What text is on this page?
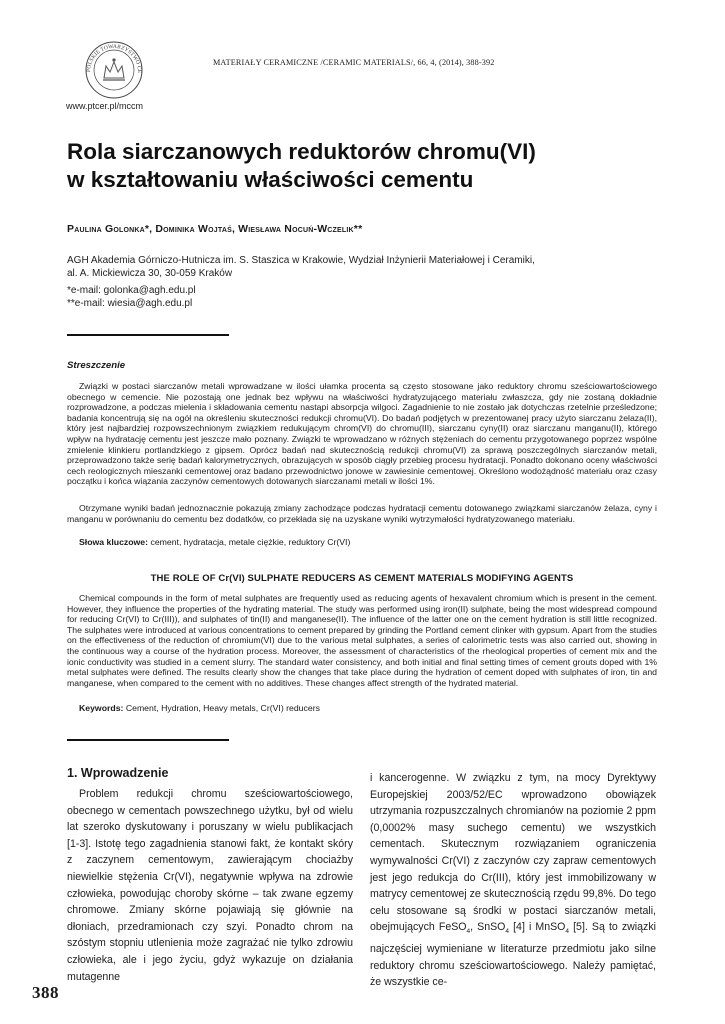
POLSKIE TOWARZYSTWO CE
www.ptcer.pl/mccm
MATERIAŁY CERAMICZNE /CERAMIC MATERIALS/, 66, 4, (2014), 388-392
Rola siarczanowych reduktorów chromu(VI)
w kształtowaniu właściwości cementu
Paulina Golonka*, Dominika Wojtaś, Wiesława Nocuń-Wczelik**
AGH Akademia Górniczo-Hutnicza im. S. Staszica w Krakowie, Wydział Inżynierii Materiałowej i Ceramiki,
al. A. Mickiewicza 30, 30-059 Kraków
*e-mail: golonka@agh.edu.pl
**e-mail: wiesia@agh.edu.pl
Streszczenie

Związki w postaci siarczanów metali wprowadzane w ilości ułamka procenta są często stosowane jako reduktory chromu sześciowartościowego obecnego w cemencie. Nie pozostają one jednak bez wpływu na właściwości hydratyzującego materiału zwłaszcza, gdy nie zostaną dokładnie rozprowadzone, a podczas mielenia i składowania cementu nastąpi absorpcja wilgoci. Zagadnienie to nie zostało jak dotychczas rzetelnie prześledzone; badania koncentrują się na ogół na określeniu skuteczności redukcji chromu(VI). Do badań podjętych w prezentowanej pracy użyto siarczanu żelaza(II), który jest najbardziej rozpowszechnionym związkiem redukującym chrom(VI) do chromu(III), siarczanu cyny(II) oraz siarczanu manganu(II), którego wpływ na hydratację cementu jest jeszcze mało poznany. Związki te wprowadzano w różnych stężeniach do cementu przygotowanego poprzez wspólne zmielenie klinkieru portlandzkiego z gipsem. Oprócz badań nad skutecznością redukcji chromu(VI) za sprawą poszczególnych siarczanów metali, przeprowadzono także serię badań kalorymetrycznych, obrazujących w sposób ciągły przebieg procesu hydratacji. Ponadto dokonano oceny właściwości cech reologicznych mieszanki cementowej oraz badano przewodnictwo jonowe w zawiesinie cementowej. Określono wodożądność materiału oraz czasy początku i końca wiązania zaczynów cementowych dotowanych siarczanami metali w ilości 1%.

Otrzymane wyniki badań jednoznacznie pokazują zmiany zachodzące podczas hydratacji cementu dotowanego związkami siarczanów żelaza, cyny i manganu w porównaniu do cementu bez dodatków, co przekłada się na uzyskane wyniki wytrzymałości hydratyzowanego materiału.

Słowa kluczowe: cement, hydratacja, metale ciężkie, reduktory Cr(VI)
THE ROLE OF Cr(VI) SULPHATE REDUCERS AS CEMENT MATERIALS MODIFYING AGENTS

Chemical compounds in the form of metal sulphates are frequently used as reducing agents of hexavalent chromium which is present in the cement. However, they influence the properties of the hydrating material. The study was performed using iron(II) sulphate, being the most widespread compound for reducing Cr(VI) to Cr(III)), and sulphates of tin(II) and manganese(II). The influence of the latter one on the cement hydration is still little recognized. The sulphates were introduced at various concentrations to cement prepared by grinding the Portland cement clinker with gypsum. Apart from the studies on the effectiveness of the reduction of chromium(VI) due to the various metal sulphates, a series of calorimetric tests was also carried out, showing in the continuous way a course of the hydration process. Moreover, the assessment of characteristics of the rheological properties of cement mix and the ionic conductivity was studied in a cement slurry. The standard water consistency, and both initial and final setting times of cement grouts doped with 1% metal sulphates were defined. The results clearly show the changes that take place during the hydration of cement doped with sulphates of iron, tin and manganese, when compared to the cement with no additives. These changes affect strength of the hydrated material.

Keywords: Cement, Hydration, Heavy metals, Cr(VI) reducers
1. Wprowadzenie

Problem redukcji chromu sześciowartościowego, obecnego w cementach powszechnego użytku, był od wielu lat szeroko dyskutowany i poruszany w wielu publikacjach [1-3]. Istotę tego zagadnienia stanowi fakt, że kontakt skóry z zaczynem cementowym, zawierającym chociażby niewielkie stężenia Cr(VI), negatywnie wpływa na zdrowie człowieka, powodując choroby skórne – tak zwane egzemy chromowe. Zmiany skórne pojawiają się głównie na dłoniach, przedramionach czy szyi. Ponadto chrom na szóstym stopniu utlenienia może zagrażać nie tylko zdrowiu człowieka, ale i jego życiu, gdyż wykazuje on działania mutagenne

i kancerogenne. W związku z tym, na mocy Dyrektywy Europejskiej 2003/52/EC wprowadzono obowiązek utrzymania rozpuszczalnych chromianów na poziomie 2 ppm (0,0002% masy suchego cementu) we wszystkich cementach. Skutecznym rozwiązaniem ograniczenia wymywalności Cr(VI) z zaczynów czy zapraw cementowych jest jego redukcja do Cr(III), który jest immobilizowany w matrycy cementowej ze skutecznością rzędu 99,8%. Do tego celu stosowane są środki w postaci siarczanów metali, obejmujących FeSO$_4$, SnSO$_4$ [4] i MnSO$_4$ [5]. Są to związki najczęściej wymieniane w literaturze przedmiotu jako silne reduktory chromu sześciowartościowego. Należy pamiętać, że wszystkie ce-

388
